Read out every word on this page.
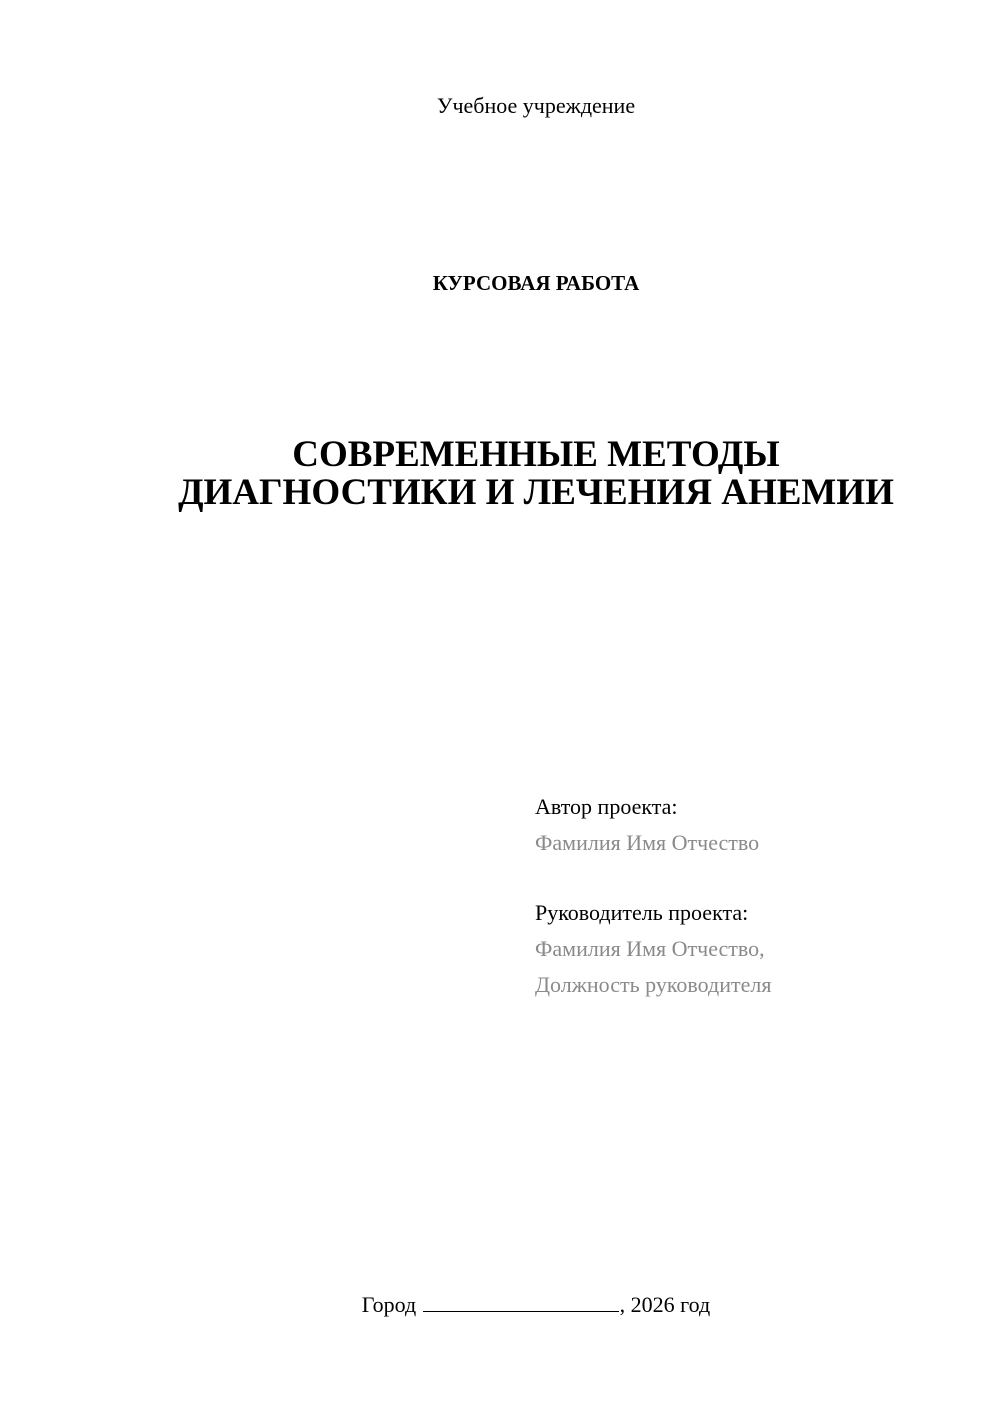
Учебное учреждение
КУРСОВАЯ РАБОТА
СОВРЕМЕННЫЕ МЕТОДЫ
ДИАГНОСТИКИ И ЛЕЧЕНИЯ АНЕМИИ
Автор проекта:
Фамилия Имя Отчество
Руководитель проекта:
Фамилия Имя Отчество,
Должность руководителя
Город	, 2026 год
